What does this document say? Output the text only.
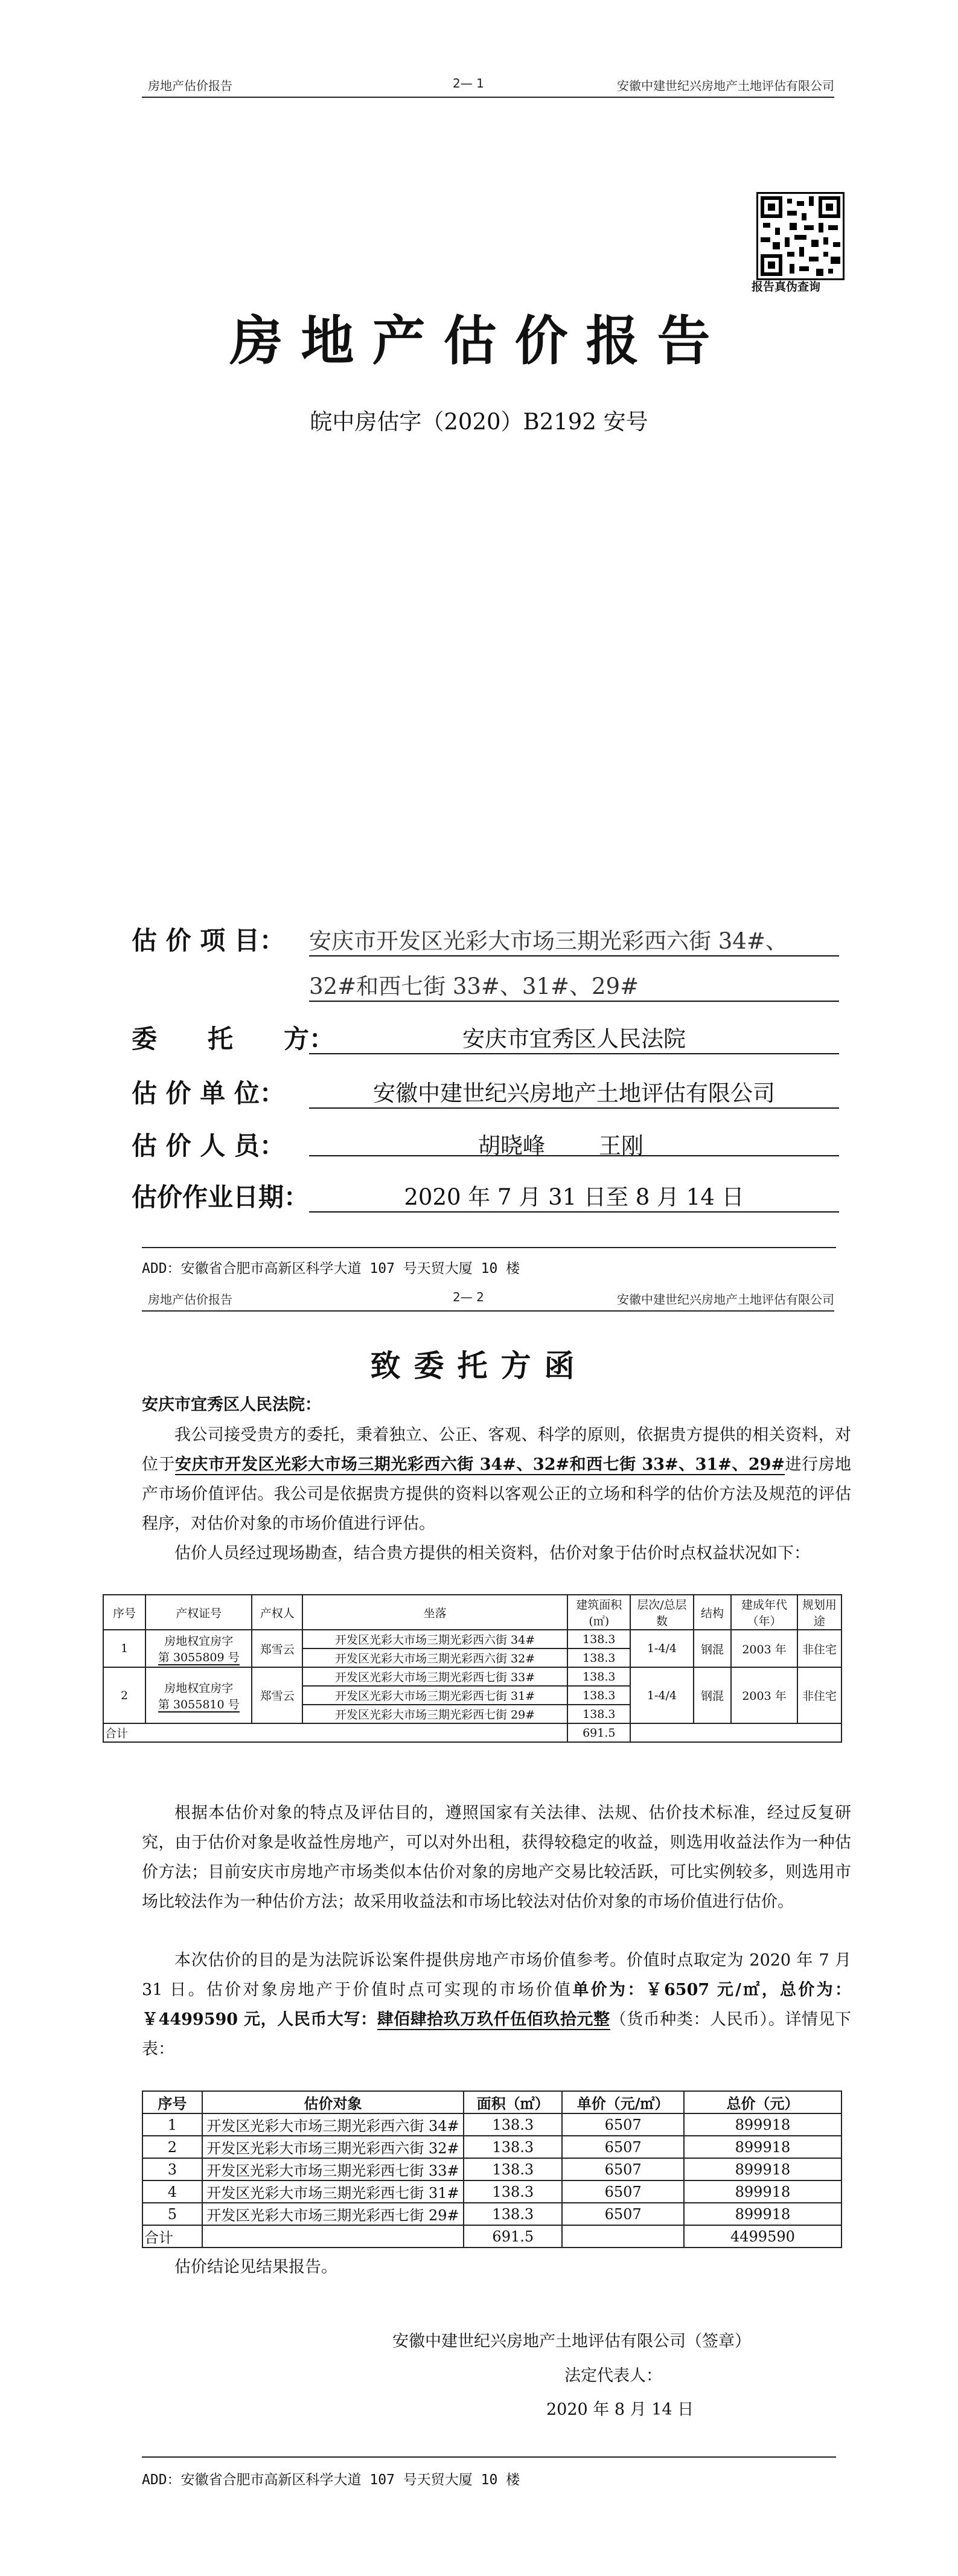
房地产估价报告	2— 1	安徽中建世纪兴房地产土地评估有限公司
报告真伪查询
房地产估价报告
皖中房估字（2020）B2192 安号
估 价 项 目： 安庆市开发区光彩大市场三期光彩西六街 34#、
32#和西七街 33#、31#、29#
委　　托　　方：	安庆市宜秀区人民法院
估 价 单 位：	安徽中建世纪兴房地产土地评估有限公司
估 价 人 员：	胡晓峰 王刚
估价作业日期：	2020 年 7 月 31 日至 8 月 14 日
ADD：安徽省合肥市高新区科学大道 107 号天贸大厦 10 楼
房地产估价报告	2— 2	安徽中建世纪兴房地产土地评估有限公司
致委托方函
安庆市宜秀区人民法院：
我公司接受贵方的委托，秉着独立、公正、客观、科学的原则，依据贵方提供的相关资料，对位于安庆市开发区光彩大市场三期光彩西六街 34#、32#和西七街 33#、31#、29#进行房地产市场价值评估。我公司是依据贵方提供的资料以客观公正的立场和科学的估价方法及规范的评估程序，对估价对象的市场价值进行评估。
估价人员经过现场勘查，结合贵方提供的相关资料，估价对象于估价时点权益状况如下：
序号	产权证号	产权人	坐落	建筑面积(㎡)	层次/总层数	结构	建成年代（年）	规划用途
1	房地权宜房字
第 3055809 号	郑雪云	开发区光彩大市场三期光彩西六街 34#	138.3	1-4/4	钢混	2003 年	非住宅
			开发区光彩大市场三期光彩西六街 32#	138.3				
2	房地权宜房字
第 3055810 号	郑雪云	开发区光彩大市场三期光彩西七街 33#	138.3	1-4/4	钢混	2003 年	非住宅
			开发区光彩大市场三期光彩西七街 31#	138.3				
			开发区光彩大市场三期光彩西七街 29#	138.3				
合计				691.5				
根据本估价对象的特点及评估目的，遵照国家有关法律、法规、估价技术标准，经过反复研究，由于估价对象是收益性房地产，可以对外出租，获得较稳定的收益，则选用收益法作为一种估价方法；目前安庆市房地产市场类似本估价对象的房地产交易比较活跃，可比实例较多，则选用市场比较法作为一种估价方法；故采用收益法和市场比较法对估价对象的市场价值进行估价。
本次估价的目的是为法院诉讼案件提供房地产市场价值参考。价值时点取定为 2020 年 7 月 31 日。估价对象房地产于价值时点可实现的市场价值单价为：￥6507 元/㎡，总价为：￥4499590 元，人民币大写：肆佰肆拾玖万玖仟伍佰玖拾元整（货币种类：人民币）。详情见下表：
序号	估价对象	面积（㎡）	单价（元/㎡）	总价（元）
1	开发区光彩大市场三期光彩西六街 34#	138.3	6507	899918
2	开发区光彩大市场三期光彩西六街 32#	138.3	6507	899918
3	开发区光彩大市场三期光彩西七街 33#	138.3	6507	899918
4	开发区光彩大市场三期光彩西七街 31#	138.3	6507	899918
5	开发区光彩大市场三期光彩西七街 29#	138.3	6507	899918
合计		691.5		4499590
估价结论见结果报告。
安徽中建世纪兴房地产土地评估有限公司（签章）
法定代表人：
2020 年 8 月 14 日
ADD：安徽省合肥市高新区科学大道 107 号天贸大厦 10 楼
